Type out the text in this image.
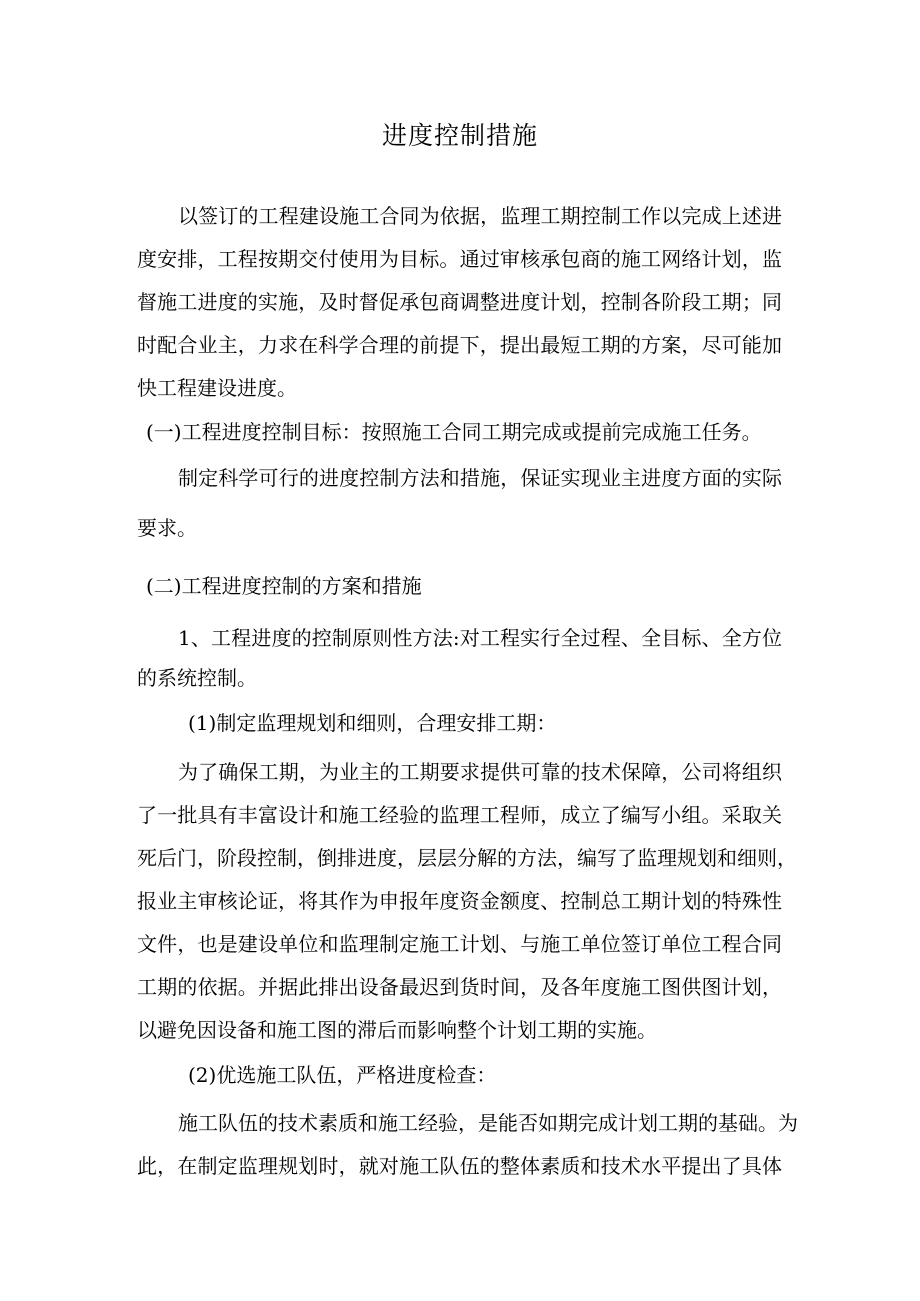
进度控制措施
以签订的工程建设施工合同为依据，监理工期控制工作以完成上述进
度安排，工程按期交付使用为目标。通过审核承包商的施工网络计划，监
督施工进度的实施，及时督促承包商调整进度计划，控制各阶段工期；同
时配合业主，力求在科学合理的前提下，提出最短工期的方案，尽可能加
快工程建设进度。
(一)工程进度控制目标：按照施工合同工期完成或提前完成施工任务。
制定科学可行的进度控制方法和措施，保证实现业主进度方面的实际
要求。
(二)工程进度控制的方案和措施
1、工程进度的控制原则性方法:对工程实行全过程、全目标、全方位
的系统控制。
(1)制定监理规划和细则，合理安排工期：
为了确保工期，为业主的工期要求提供可靠的技术保障，公司将组织
了一批具有丰富设计和施工经验的监理工程师，成立了编写小组。采取关
死后门，阶段控制，倒排进度，层层分解的方法，编写了监理规划和细则，
报业主审核论证，将其作为申报年度资金额度、控制总工期计划的特殊性
文件，也是建设单位和监理制定施工计划、与施工单位签订单位工程合同
工期的依据。并据此排出设备最迟到货时间，及各年度施工图供图计划，
以避免因设备和施工图的滞后而影响整个计划工期的实施。
(2)优选施工队伍，严格进度检查：
施工队伍的技术素质和施工经验，是能否如期完成计划工期的基础。为
此，在制定监理规划时，就对施工队伍的整体素质和技术水平提出了具体
